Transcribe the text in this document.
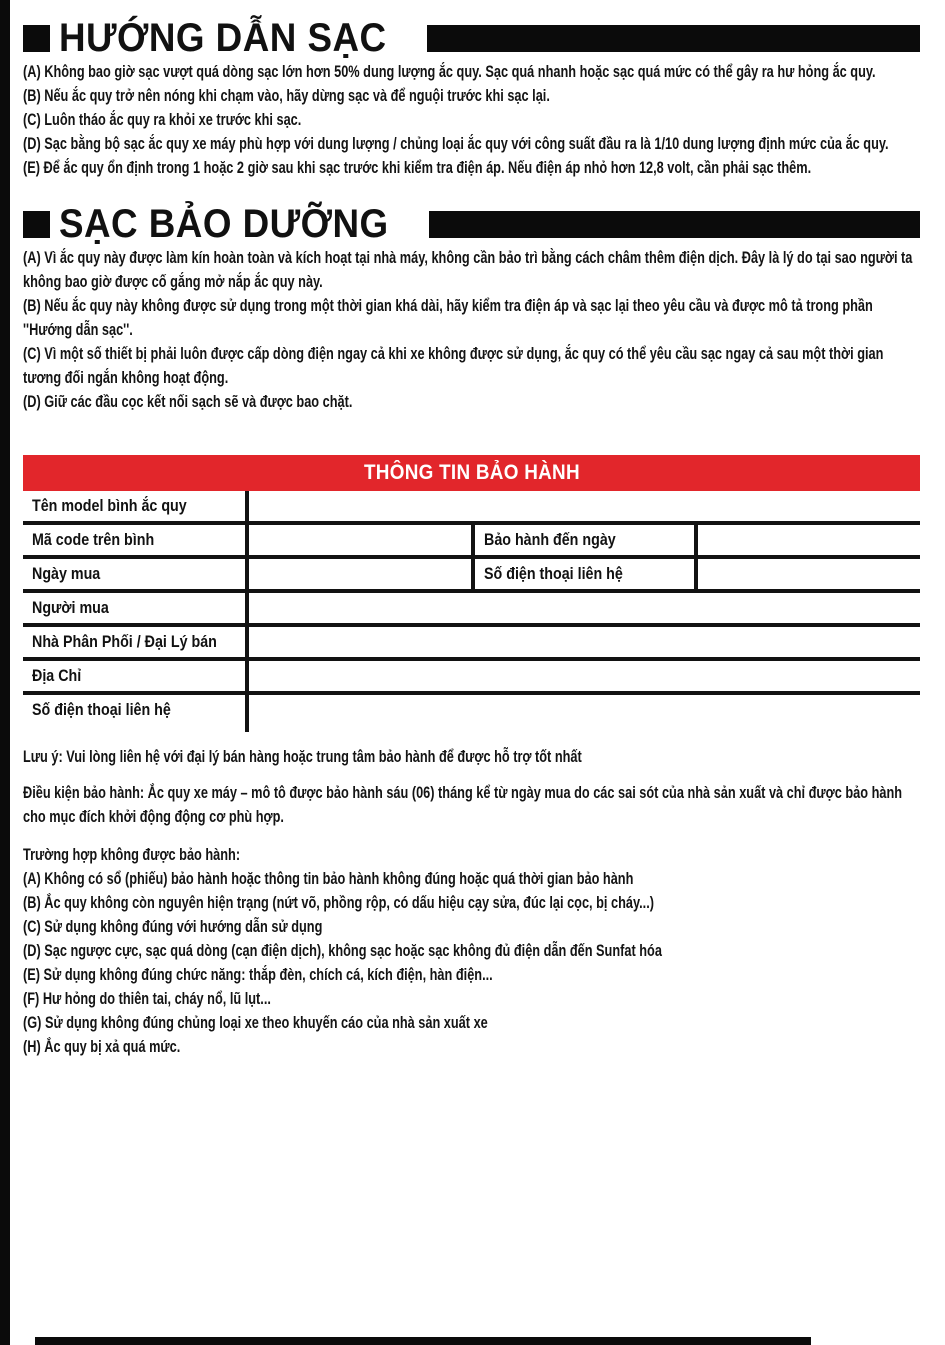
HƯỚNG DẪN SẠC

(A) Không bao giờ sạc vượt quá dòng sạc lớn hơn 50% dung lượng ắc quy. Sạc quá nhanh hoặc sạc quá mức có thể gây ra hư hỏng ắc quy.

(B) Nếu ắc quy trở nên nóng khi chạm vào, hãy dừng sạc và để nguội trước khi sạc lại.

(C) Luôn tháo ắc quy ra khỏi xe trước khi sạc.

(D) Sạc bằng bộ sạc ắc quy xe máy phù hợp với dung lượng / chủng loại ắc quy với công suất đầu ra là 1/10 dung lượng định mức của ắc quy.

(E) Để ắc quy ổn định trong 1 hoặc 2 giờ sau khi sạc trước khi kiểm tra điện áp. Nếu điện áp nhỏ hơn 12,8 volt, cần phải sạc thêm.

SẠC BẢO DƯỠNG

(A) Vì ắc quy này được làm kín hoàn toàn và kích hoạt tại nhà máy, không cần bảo trì bằng cách châm thêm điện dịch. Đây là lý do tại sao người ta không bao giờ được cố gắng mở nắp ắc quy này.

(B) Nếu ắc quy này không được sử dụng trong một thời gian khá dài, hãy kiểm tra điện áp và sạc lại theo yêu cầu và được mô tả trong phần ''Hướng dẫn sạc''.

(C) Vì một số thiết bị phải luôn được cấp dòng điện ngay cả khi xe không được sử dụng, ắc quy có thể yêu cầu sạc ngay cả sau một thời gian tương đối ngắn không hoạt động.

(D) Giữ các đầu cọc kết nối sạch sẽ và được bao chặt.

THÔNG TIN BẢO HÀNH
Tên model bình ắc quy
Mã code trên bình	Bảo hành đến ngày
Ngày mua	Số điện thoại liên hệ
Người mua
Nhà Phân Phối / Đại Lý bán
Địa Chỉ
Số điện thoại liên hệ
Lưu ý: Vui lòng liên hệ với đại lý bán hàng hoặc trung tâm bảo hành để được hỗ trợ tốt nhất
Điều kiện bảo hành: Ắc quy xe máy – mô tô được bảo hành sáu (06) tháng kể từ ngày mua do các sai sót của nhà sản xuất và chỉ được bảo hành cho mục đích khởi động động cơ phù hợp.

Trường hợp không được bảo hành:

(A) Không có sổ (phiếu) bảo hành hoặc thông tin bảo hành không đúng hoặc quá thời gian bảo hành

(B) Ắc quy không còn nguyên hiện trạng (nứt võ, phồng rộp, có dấu hiệu cạy sửa, đúc lại cọc, bị cháy...)

(C) Sử dụng không đúng với hướng dẫn sử dụng

(D) Sạc ngược cực, sạc quá dòng (cạn điện dịch), không sạc hoặc sạc không đủ điện dẫn đến Sunfat hóa

(E) Sử dụng không đúng chức năng: thắp đèn, chích cá, kích điện, hàn điện...

(F) Hư hỏng do thiên tai, cháy nổ, lũ lụt...

(G) Sử dụng không đúng chủng loại xe theo khuyến cáo của nhà sản xuất xe

(H) Ắc quy bị xả quá mức.
